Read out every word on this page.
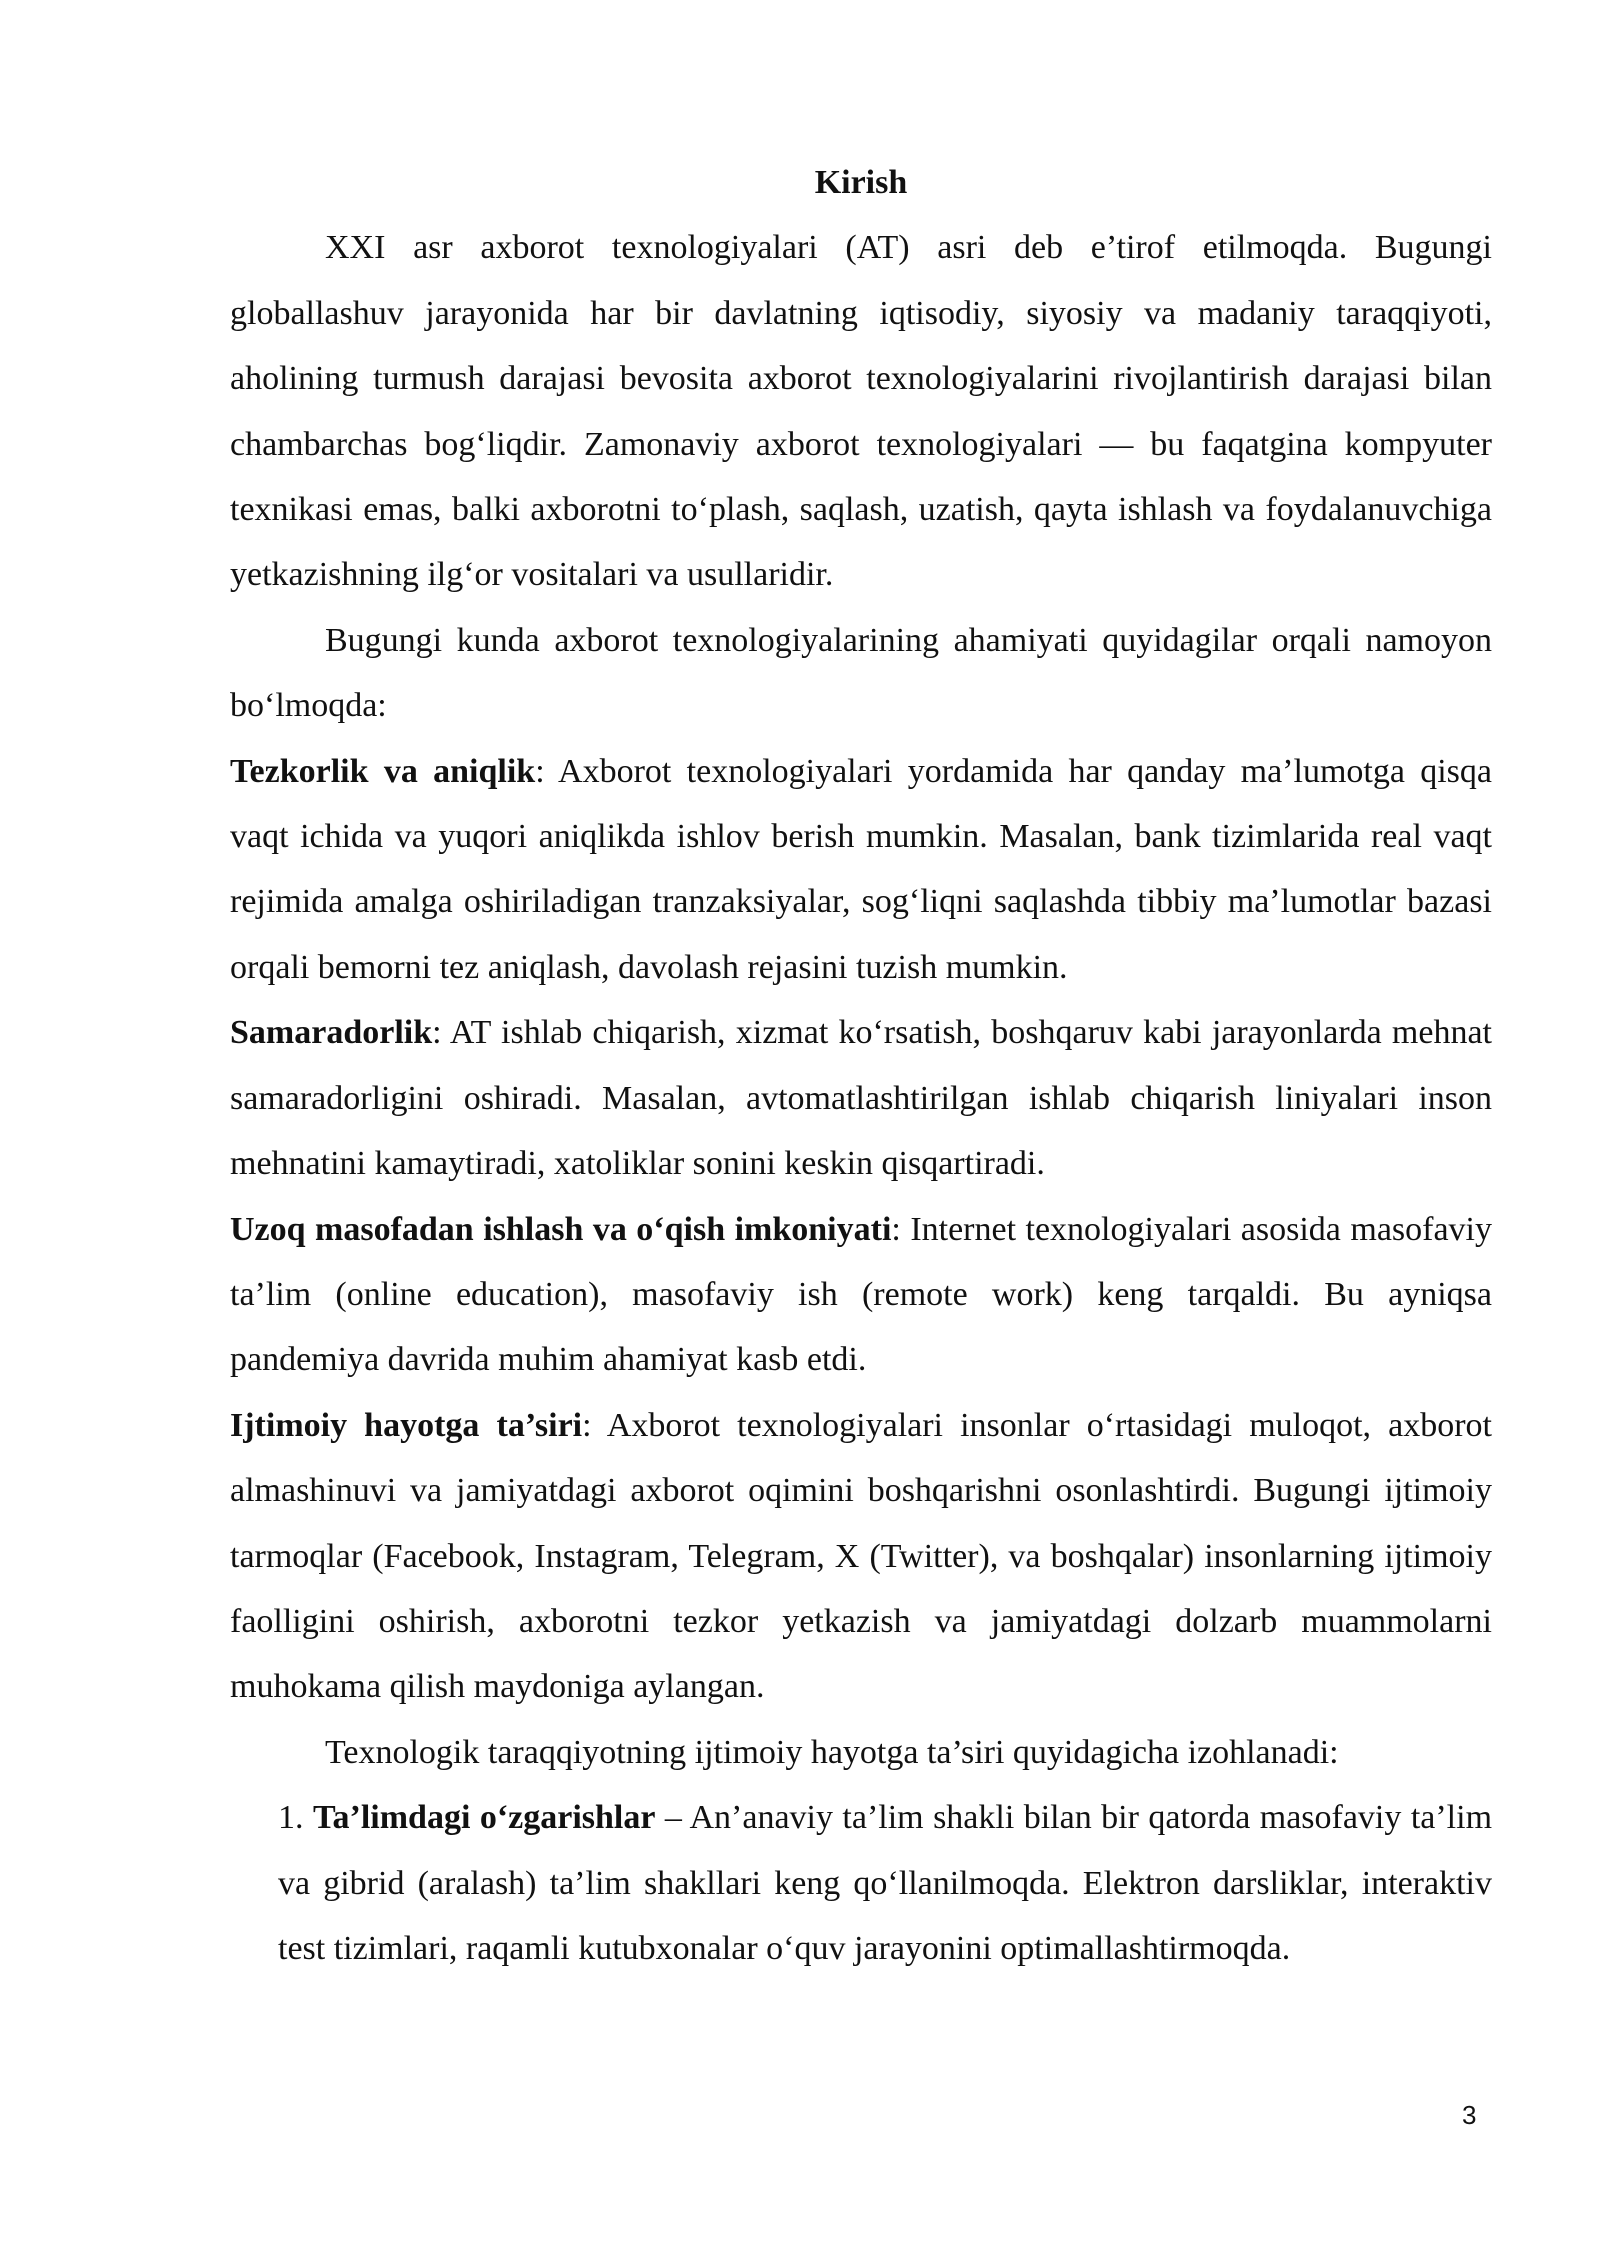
Kirish

XXI asr axborot texnologiyalari (AT) asri deb e’tirof etilmoqda. Bugungi globallashuv jarayonida har bir davlatning iqtisodiy, siyosiy va madaniy taraqqiyoti, aholining turmush darajasi bevosita axborot texnologiyalarini rivojlantirish darajasi bilan chambarchas bog‘liqdir. Zamonaviy axborot texnologiyalari — bu faqatgina kompyuter texnikasi emas, balki axborotni to‘plash, saqlash, uzatish, qayta ishlash va foydalanuvchiga yetkazishning ilg‘or vositalari va usullaridir.

Bugungi kunda axborot texnologiyalarining ahamiyati quyidagilar orqali namoyon bo‘lmoqda:

Tezkorlik va aniqlik: Axborot texnologiyalari yordamida har qanday ma’lumotga qisqa vaqt ichida va yuqori aniqlikda ishlov berish mumkin. Masalan, bank tizimlarida real vaqt rejimida amalga oshiriladigan tranzaksiyalar, sog‘liqni saqlashda tibbiy ma’lumotlar bazasi orqali bemorni tez aniqlash, davolash rejasini tuzish mumkin.

Samaradorlik: AT ishlab chiqarish, xizmat ko‘rsatish, boshqaruv kabi jarayonlarda mehnat samaradorligini oshiradi. Masalan, avtomatlashtirilgan ishlab chiqarish liniyalari inson mehnatini kamaytiradi, xatoliklar sonini keskin qisqartiradi.

Uzoq masofadan ishlash va o‘qish imkoniyati: Internet texnologiyalari asosida masofaviy ta’lim (online education), masofaviy ish (remote work) keng tarqaldi. Bu ayniqsa pandemiya davrida muhim ahamiyat kasb etdi.

Ijtimoiy hayotga ta’siri: Axborot texnologiyalari insonlar o‘rtasidagi muloqot, axborot almashinuvi va jamiyatdagi axborot oqimini boshqarishni osonlashtirdi. Bugungi ijtimoiy tarmoqlar (Facebook, Instagram, Telegram, X (Twitter), va boshqalar) insonlarning ijtimoiy faolligini oshirish, axborotni tezkor yetkazish va jamiyatdagi dolzarb muammolarni muhokama qilish maydoniga aylangan.

Texnologik taraqqiyotning ijtimoiy hayotga ta’siri quyidagicha izohlanadi:

1. Ta’limdagi o‘zgarishlar – An’anaviy ta’lim shakli bilan bir qatorda masofaviy ta’lim va gibrid (aralash) ta’lim shakllari keng qo‘llanilmoqda. Elektron darsliklar, interaktiv test tizimlari, raqamli kutubxonalar o‘quv jarayonini optimallashtirmoqda.

3
